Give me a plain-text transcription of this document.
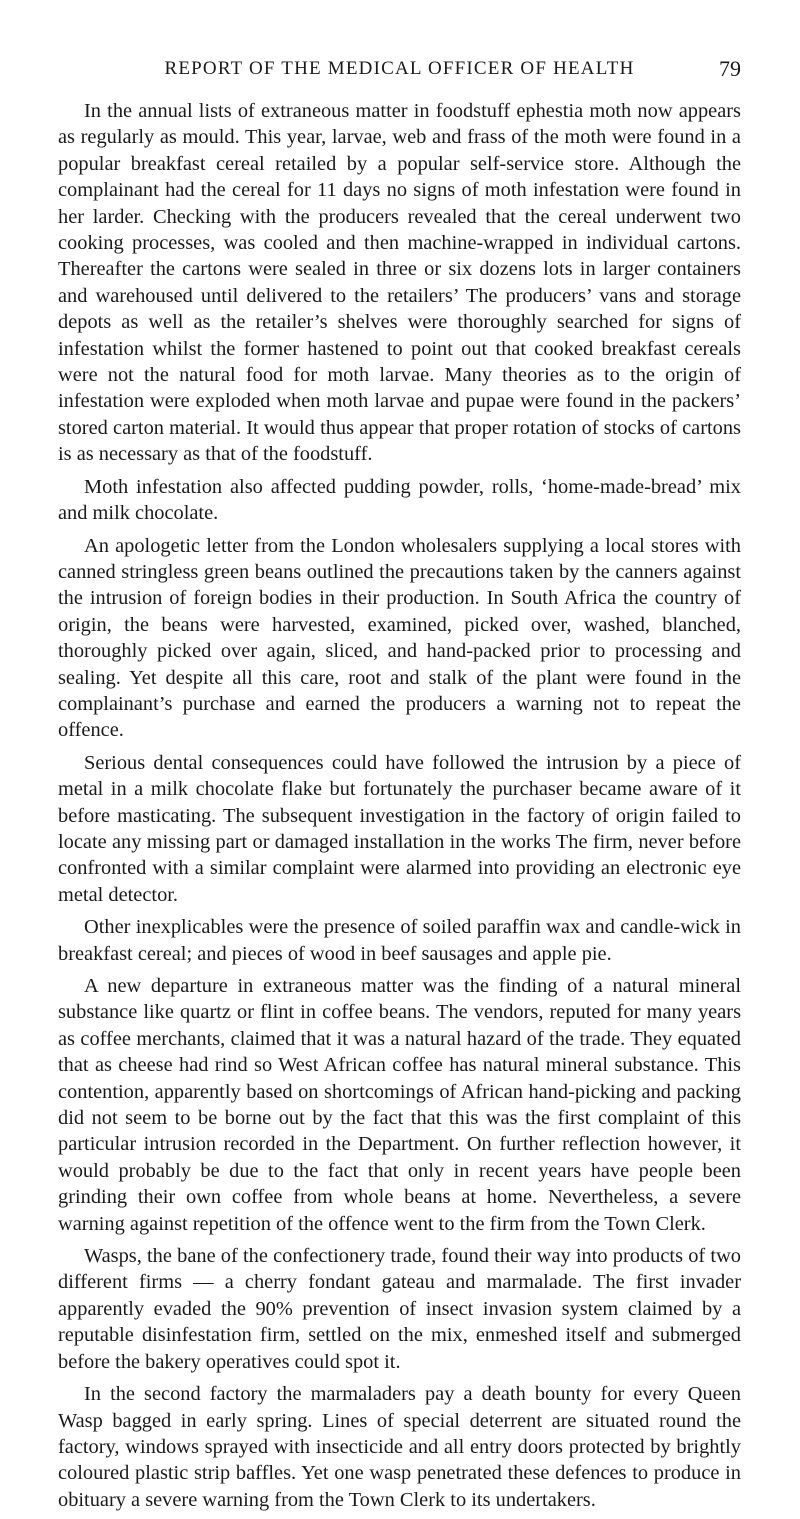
REPORT OF THE MEDICAL OFFICER OF HEALTH	79

In the annual lists of extraneous matter in foodstuff ephestia moth now appears as regularly as mould. This year, larvae, web and frass of the moth were found in a popular breakfast cereal retailed by a popular self-service store. Although the complainant had the cereal for 11 days no signs of moth infestation were found in her larder. Checking with the producers revealed that the cereal underwent two cooking processes, was cooled and then machine-wrapped in individual cartons. Thereafter the cartons were sealed in three or six dozens lots in larger containers and warehoused until delivered to the retailers’ The producers’ vans and storage depots as well as the retailer’s shelves were thoroughly searched for signs of infestation whilst the former hastened to point out that cooked breakfast cereals were not the natural food for moth larvae. Many theories as to the origin of infestation were exploded when moth larvae and pupae were found in the packers’ stored carton material. It would thus appear that proper rotation of stocks of cartons is as necessary as that of the foodstuff.

Moth infestation also affected pudding powder, rolls, ‘home-made-bread’ mix and milk chocolate.

An apologetic letter from the London wholesalers supplying a local stores with canned stringless green beans outlined the precautions taken by the canners against the intrusion of foreign bodies in their production. In South Africa the country of origin, the beans were harvested, examined, picked over, washed, blanched, thoroughly picked over again, sliced, and hand-packed prior to processing and sealing. Yet despite all this care, root and stalk of the plant were found in the complainant’s purchase and earned the producers a warning not to repeat the offence.

Serious dental consequences could have followed the intrusion by a piece of metal in a milk chocolate flake but fortunately the purchaser became aware of it before masticating. The subsequent investigation in the factory of origin failed to locate any missing part or damaged installation in the works The firm, never before confronted with a similar complaint were alarmed into providing an electronic eye metal detector.

Other inexplicables were the presence of soiled paraffin wax and candle-wick in breakfast cereal; and pieces of wood in beef sausages and apple pie.

A new departure in extraneous matter was the finding of a natural mineral substance like quartz or flint in coffee beans. The vendors, reputed for many years as coffee merchants, claimed that it was a natural hazard of the trade. They equated that as cheese had rind so West African coffee has natural mineral substance. This contention, apparently based on shortcomings of African hand-picking and packing did not seem to be borne out by the fact that this was the first complaint of this particular intrusion recorded in the Department. On further reflection however, it would probably be due to the fact that only in recent years have people been grinding their own coffee from whole beans at home. Nevertheless, a severe warning against repetition of the offence went to the firm from the Town Clerk.

Wasps, the bane of the confectionery trade, found their way into products of two different firms — a cherry fondant gateau and marmalade. The first invader apparently evaded the 90% prevention of insect invasion system claimed by a reputable disinfestation firm, settled on the mix, enmeshed itself and submerged before the bakery operatives could spot it.

In the second factory the marmaladers pay a death bounty for every Queen Wasp bagged in early spring. Lines of special deterrent are situated round the factory, windows sprayed with insecticide and all entry doors protected by brightly coloured plastic strip baffles. Yet one wasp penetrated these defences to produce in obituary a severe warning from the Town Clerk to its undertakers.
